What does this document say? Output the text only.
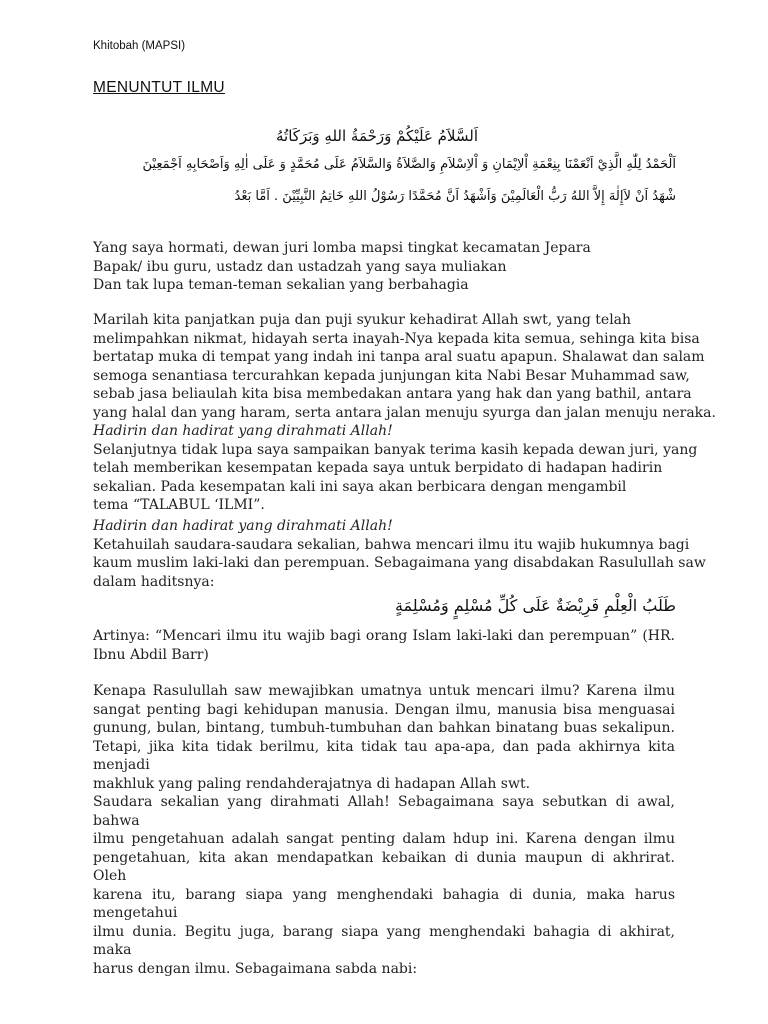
Khitobah (MAPSI)
MENUNTUT ILMU
اَلسَّلاَمُ عَلَيْكُمْ وَرَحْمَةُ اللهِ وَبَرَكَاتُهُ
اَلْحَمْدُ لِلّٰهِ الَّذِيْ اَنْعَمْنَا بِنِعْمَةِ اْلاِيْمَانِ وَ اْلاِسْلاَمِ وَالصَّلاَةُ وَالسَّلاَمُ عَلَى مُحَمَّدٍ وَ عَلَى اٰلِهِ وَاَصْحَابِهِ اَجْمَعِيْنَ
شْهَدُ اَنْ لاَإِلٰهَ إِلاَّ اللهُ رَبُّ الْعَالَمِيْنَ وَاَشْهَدُ اَنَّ مُحَمَّدًا رَسُوْلُ اللهِ خَاتِمُ النَّبِيِّيْنَ . اَمَّا بَعْدُ
Yang saya hormati, dewan juri lomba mapsi tingkat kecamatan Jepara
Bapak/ ibu guru, ustadz dan ustadzah yang saya muliakan
Dan tak lupa teman-teman sekalian yang berbahagia
Marilah kita panjatkan puja dan puji syukur kehadirat Allah swt, yang telah
melimpahkan nikmat, hidayah serta inayah-Nya kepada kita semua, sehinga kita bisa
bertatap muka di tempat yang indah ini tanpa aral suatu apapun. Shalawat dan salam
semoga senantiasa tercurahkan kepada junjungan kita Nabi Besar Muhammad saw,
sebab jasa beliaulah kita bisa membedakan antara yang hak dan yang bathil, antara
yang halal dan yang haram, serta antara jalan menuju syurga dan jalan menuju neraka.
Hadirin dan hadirat yang dirahmati Allah!
Selanjutnya tidak lupa saya sampaikan banyak terima kasih kepada dewan juri, yang
telah memberikan kesempatan kepada saya untuk berpidato di hadapan hadirin
sekalian. Pada kesempatan kali ini saya akan berbicara dengan mengambil
tema “TALABUL ‘ILMI”.
Hadirin dan hadirat yang dirahmati Allah!
Ketahuilah saudara-saudara sekalian, bahwa mencari ilmu itu wajib hukumnya bagi
kaum muslim laki-laki dan perempuan. Sebagaimana yang disabdakan Rasulullah saw
dalam haditsnya:
طَلَبُ الْعِلْمِ فَرِيْضَةٌ عَلَى كُلِّ مُسْلِمٍ وَمُسْلِمَةٍ
Artinya: “Mencari ilmu itu wajib bagi orang Islam laki-laki dan perempuan” (HR.
Ibnu Abdil Barr)
Kenapa Rasulullah saw mewajibkan umatnya untuk mencari ilmu? Karena ilmu
sangat penting bagi kehidupan manusia. Dengan ilmu, manusia bisa menguasai
gunung, bulan, bintang, tumbuh-tumbuhan dan bahkan binatang buas sekalipun.
Tetapi, jika kita tidak berilmu, kita tidak tau apa-apa, dan pada akhirnya kita menjadi
makhluk yang paling rendahderajatnya di hadapan Allah swt.
Saudara sekalian yang dirahmati Allah! Sebagaimana saya sebutkan di awal, bahwa
ilmu pengetahuan adalah sangat penting dalam hdup ini. Karena dengan ilmu
pengetahuan, kita akan mendapatkan kebaikan di dunia maupun di akhrirat. Oleh
karena itu, barang siapa yang menghendaki bahagia di dunia, maka harus mengetahui
ilmu dunia. Begitu juga, barang siapa yang menghendaki bahagia di akhirat, maka
harus dengan ilmu. Sebagaimana sabda nabi:
